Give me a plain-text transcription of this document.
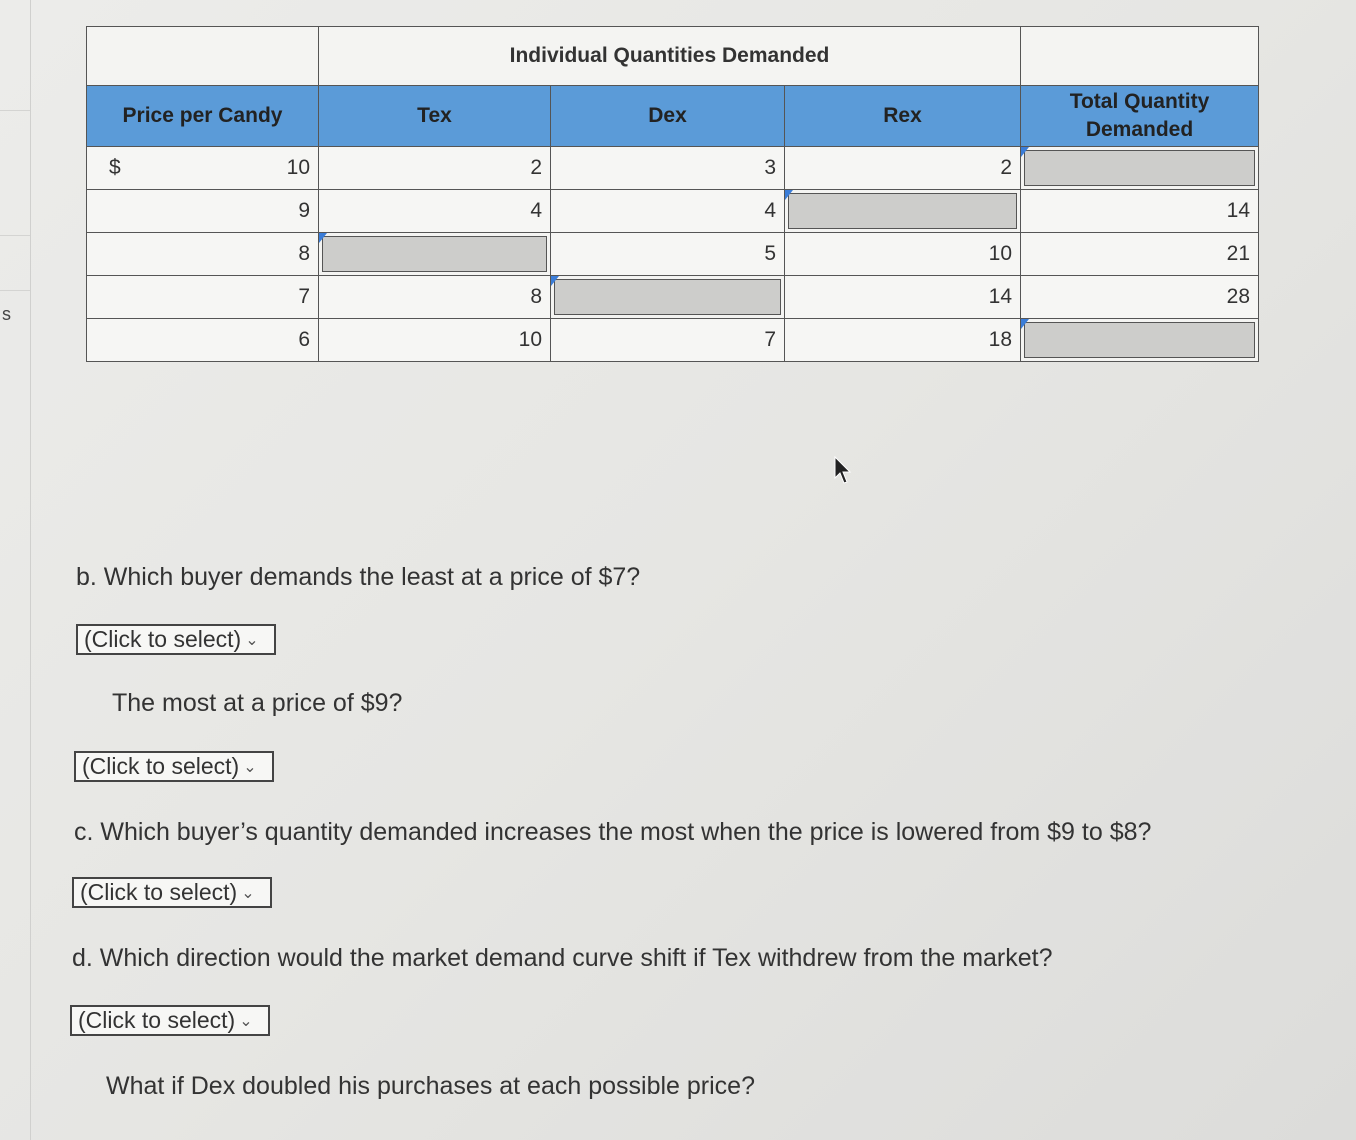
s
	Individual Quantities Demanded			
Price per Candy	Tex	Dex	Rex	Total Quantity Demanded

$ 10	2	3	2	

9	4	4		14
8		5	10	21
7	8		14	28
6	10	7	18	
b. Which buyer demands the least at a price of $7?
(Click to select) ⌄
The most at a price of $9?
(Click to select) ⌄
c. Which buyer’s quantity demanded increases the most when the price is lowered from $9 to $8?
(Click to select) ⌄
d. Which direction would the market demand curve shift if Tex withdrew from the market?
(Click to select) ⌄
What if Dex doubled his purchases at each possible price?
